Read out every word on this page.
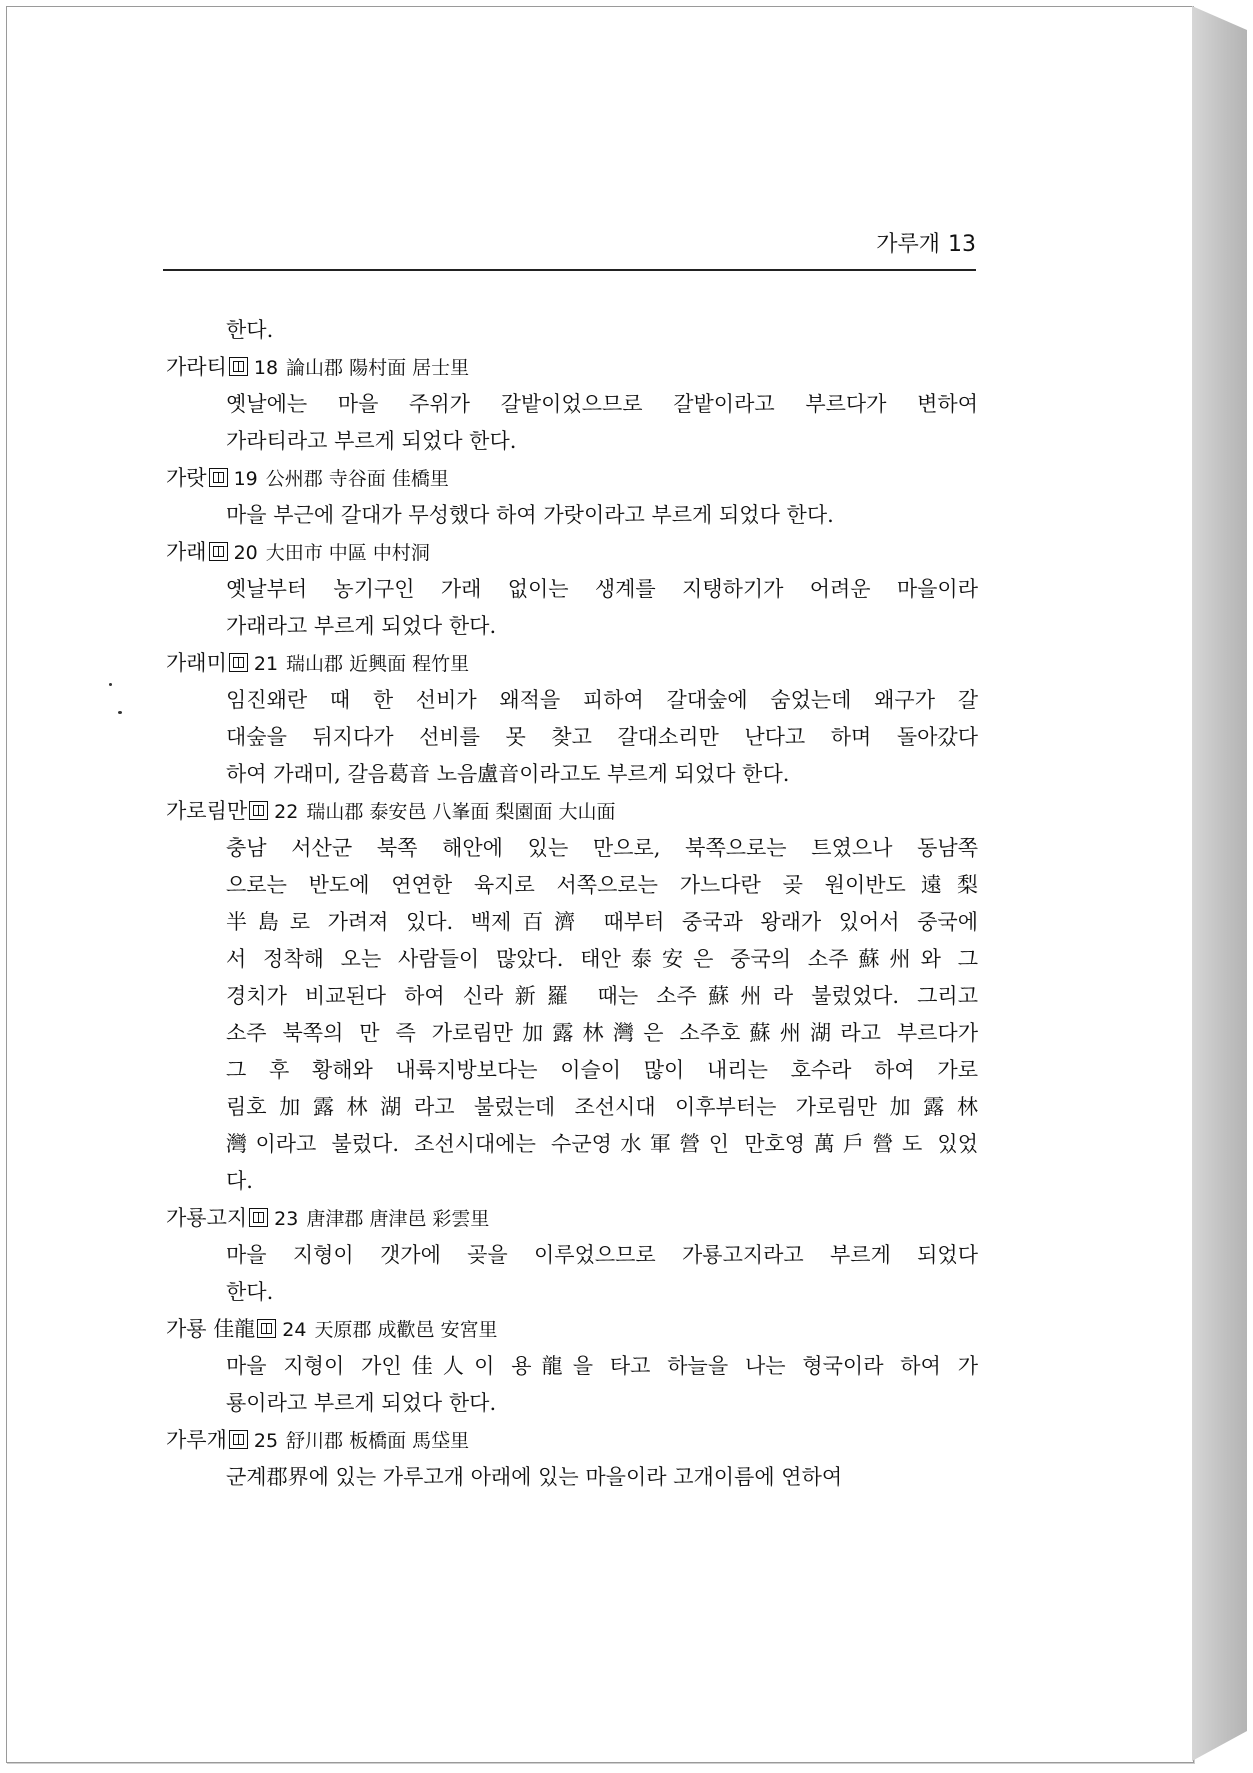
가루개 13
한다.
가라티 18 論山郡 陽村面 居士里
옛날에는 마을 주위가 갈밭이었으므로 갈밭이라고 부르다가 변하여
가라티라고 부르게 되었다 한다.
가랏 19 公州郡 寺谷面 佳橋里
마을 부근에 갈대가 무성했다 하여 가랏이라고 부르게 되었다 한다.
가래 20 大田市 中區 中村洞
옛날부터 농기구인 가래 없이는 생계를 지탱하기가 어려운 마을이라
가래라고 부르게 되었다 한다.
가래미 21 瑞山郡 近興面 程竹里
임진왜란 때 한 선비가 왜적을 피하여 갈대숲에 숨었는데 왜구가 갈
대숲을 뒤지다가 선비를 못 찾고 갈대소리만 난다고 하며 돌아갔다
하여 가래미, 갈음葛音 노음盧音이라고도 부르게 되었다 한다.
가로림만 22 瑞山郡 泰安邑 八峯面 梨園面 大山面
충남 서산군 북쪽 해안에 있는 만으로, 북쪽으로는 트였으나 동남쪽
으로는 반도에 연연한 육지로 서쪽으로는 가느다란 곶 원이반도遠梨
半島로 가려져 있다. 백제百濟 때부터 중국과 왕래가 있어서 중국에
서 정착해 오는 사람들이 많았다. 태안泰安은 중국의 소주蘇州와 그
경치가 비교된다 하여 신라新羅 때는 소주蘇州라 불렀었다. 그리고
소주 북쪽의 만 즉 가로림만加露林灣은 소주호蘇州湖라고 부르다가
그 후 황해와 내륙지방보다는 이슬이 많이 내리는 호수라 하여 가로
림호加露林湖라고 불렀는데 조선시대 이후부터는 가로림만加露林
灣이라고 불렀다. 조선시대에는 수군영水軍營인 만호영萬戶營도 있었
다.
가룡고지 23 唐津郡 唐津邑 彩雲里
마을 지형이 갯가에 곶을 이루었으므로 가룡고지라고 부르게 되었다
한다.
가룡 佳龍 24 天原郡 成歡邑 安宮里
마을 지형이 가인佳人이 용龍을 타고 하늘을 나는 형국이라 하여 가
룡이라고 부르게 되었다 한다.
가루개 25 舒川郡 板橋面 馬垈里
군계郡界에 있는 가루고개 아래에 있는 마을이라 고개이름에 연하여
